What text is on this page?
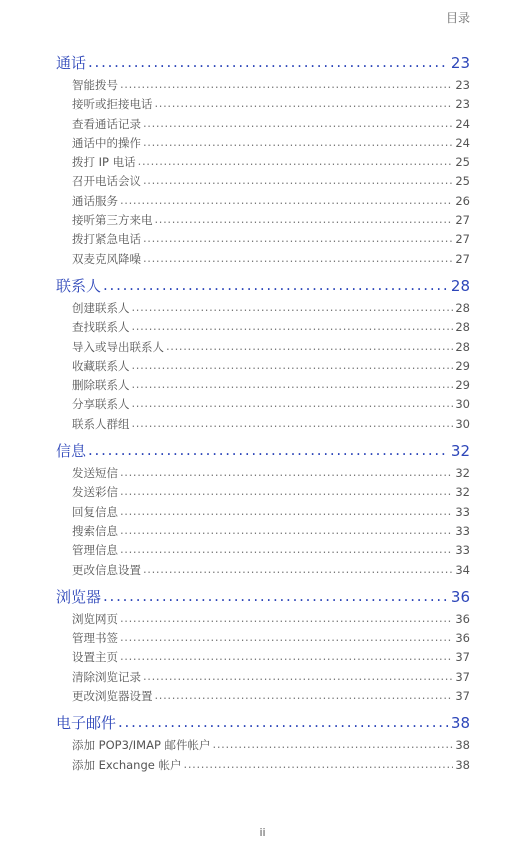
目录
通话 . . .	23
智能拨号 . . .	23
接听或拒接电话 . . .	23
查看通话记录 . . .	24
通话中的操作 . . .	24
拨打 IP 电话 . . .	25
召开电话会议 . . .	25
通话服务 . . .	26
接听第三方来电 . . .	27
拨打紧急电话 . . .	27
双麦克风降噪 . . .	27
联系人 . . .	28
创建联系人 . . .	28
查找联系人 . . .	28
导入或导出联系人 . . .	28
收藏联系人 . . .	29
删除联系人 . . .	29
分享联系人 . . .	30
联系人群组 . . .	30
信息 . . .	32
发送短信 . . .	32
发送彩信 . . .	32
回复信息 . . .	33
搜索信息 . . .	33
管理信息 . . .	33
更改信息设置 . . .	34
浏览器 . . .	36
浏览网页 . . .	36
管理书签 . . .	36
设置主页 . . .	37
清除浏览记录 . . .	37
更改浏览器设置 . . .	37
电子邮件 . . .	38
添加 POP3/IMAP 邮件帐户 . . .	38
添加 Exchange 帐户 . . .	38
ii
